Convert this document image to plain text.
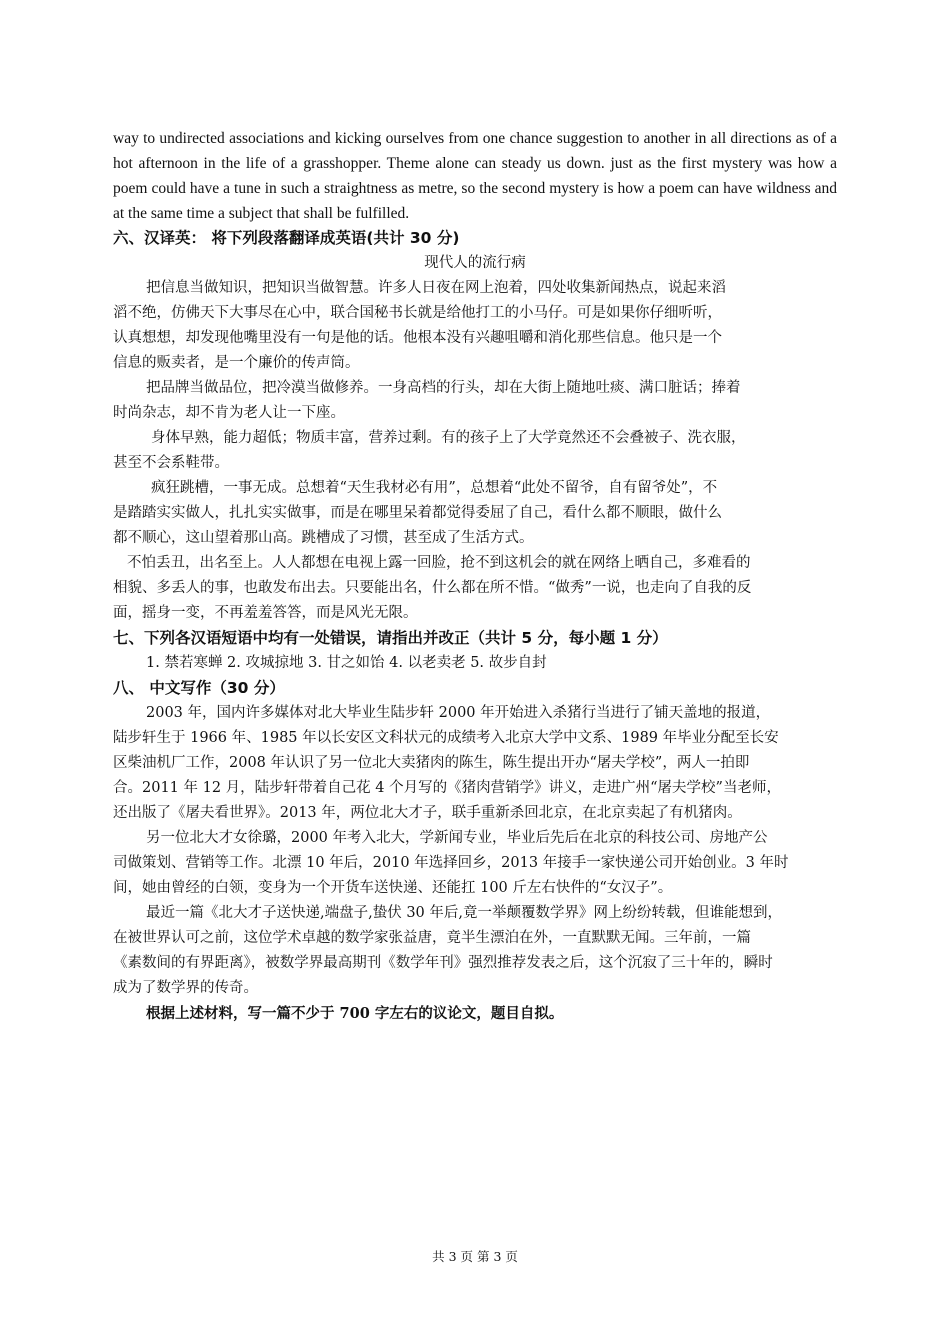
way to undirected associations and kicking ourselves from one chance suggestion to another in all directions as of a hot afternoon in the life of a grasshopper. Theme alone can steady us down. just as the first mystery was how a poem could have a tune in such a straightness as metre, so the second mystery is how a poem can have wildness and at the same time a subject that shall be fulfilled.

六、汉译英： 将下列段落翻译成英语(共计 30 分)

现代人的流行病

把信息当做知识，把知识当做智慧。许多人日夜在网上泡着，四处收集新闻热点，说起来滔

滔不绝，仿佛天下大事尽在心中，联合国秘书长就是给他打工的小马仔。可是如果你仔细听听，

认真想想，却发现他嘴里没有一句是他的话。他根本没有兴趣咀嚼和消化那些信息。他只是一个

信息的贩卖者，是一个廉价的传声筒。

把品牌当做品位，把冷漠当做修养。一身高档的行头，却在大街上随地吐痰、满口脏话；捧着

时尚杂志，却不肯为老人让一下座。

身体早熟，能力超低；物质丰富，营养过剩。有的孩子上了大学竟然还不会叠被子、洗衣服，

甚至不会系鞋带。

疯狂跳槽，一事无成。总想着“天生我材必有用”，总想着“此处不留爷，自有留爷处”，不

是踏踏实实做人，扎扎实实做事，而是在哪里呆着都觉得委屈了自己，看什么都不顺眼，做什么

都不顺心，这山望着那山高。跳槽成了习惯，甚至成了生活方式。

不怕丢丑，出名至上。人人都想在电视上露一回脸，抢不到这机会的就在网络上晒自己，多难看的

相貌、多丢人的事，也敢发布出去。只要能出名，什么都在所不惜。“做秀”一说，也走向了自我的反

面，摇身一变，不再羞羞答答，而是风光无限。

七、下列各汉语短语中均有一处错误，请指出并改正（共计 5 分，每小题 1 分）

1. 禁若寒蝉 2. 攻城掠地 3. 甘之如饴 4. 以老卖老 5. 故步自封

八、 中文写作（30 分）

2003 年，国内许多媒体对北大毕业生陆步轩 2000 年开始进入杀猪行当进行了铺天盖地的报道，

陆步轩生于 1966 年、1985 年以长安区文科状元的成绩考入北京大学中文系、1989 年毕业分配至长安

区柴油机厂工作，2008 年认识了另一位北大卖猪肉的陈生，陈生提出开办“屠夫学校”，两人一拍即

合。2011 年 12 月，陆步轩带着自己花 4 个月写的《猪肉营销学》讲义，走进广州“屠夫学校”当老师，

还出版了《屠夫看世界》。2013 年，两位北大才子，联手重新杀回北京，在北京卖起了有机猪肉。

另一位北大才女徐璐，2000 年考入北大，学新闻专业，毕业后先后在北京的科技公司、房地产公

司做策划、营销等工作。北漂 10 年后，2010 年选择回乡，2013 年接手一家快递公司开始创业。3 年时

间，她由曾经的白领，变身为一个开货车送快递、还能扛 100 斤左右快件的“女汉子”。

最近一篇《北大才子送快递,端盘子,蛰伏 30 年后,竟一举颠覆数学界》网上纷纷转载，但谁能想到，

在被世界认可之前，这位学术卓越的数学家张益唐，竟半生漂泊在外，一直默默无闻。三年前，一篇

《素数间的有界距离》，被数学界最高期刊《数学年刊》强烈推荐发表之后，这个沉寂了三十年的，瞬时

成为了数学界的传奇。

根据上述材料，写一篇不少于 700 字左右的议论文，题目自拟。

共 3 页 第 3 页
